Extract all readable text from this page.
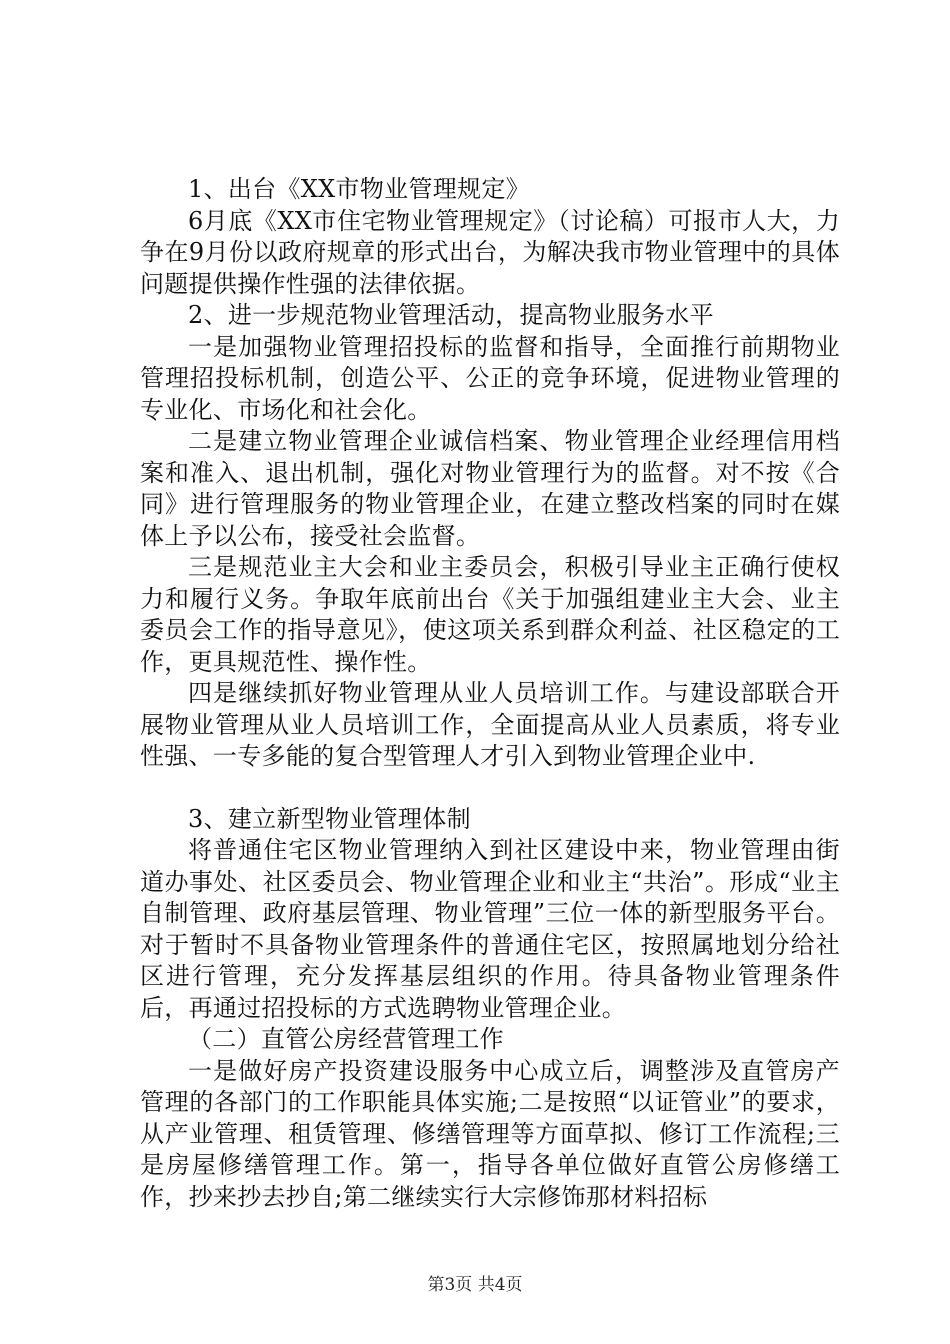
1、出台《XX市物业管理规定》

6月底《XX市住宅物业管理规定》（讨论稿）可报市人大，力争在9月份以政府规章的形式出台，为解决我市物业管理中的具体问题提供操作性强的法律依据。

2、进一步规范物业管理活动，提高物业服务水平

一是加强物业管理招投标的监督和指导，全面推行前期物业管理招投标机制，创造公平、公正的竞争环境，促进物业管理的专业化、市场化和社会化。

二是建立物业管理企业诚信档案、物业管理企业经理信用档案和准入、退出机制，强化对物业管理行为的监督。对不按《合同》进行管理服务的物业管理企业，在建立整改档案的同时在媒体上予以公布，接受社会监督。

三是规范业主大会和业主委员会，积极引导业主正确行使权力和履行义务。争取年底前出台《关于加强组建业主大会、业主委员会工作的指导意见》，使这项关系到群众利益、社区稳定的工作，更具规范性、操作性。

四是继续抓好物业管理从业人员培训工作。与建设部联合开展物业管理从业人员培训工作，全面提高从业人员素质，将专业性强、一专多能的复合型管理人才引入到物业管理企业中.

3、建立新型物业管理体制

将普通住宅区物业管理纳入到社区建设中来，物业管理由街道办事处、社区委员会、物业管理企业和业主“共治”。形成“业主自制管理、政府基层管理、物业管理”三位一体的新型服务平台。对于暂时不具备物业管理条件的普通住宅区，按照属地划分给社区进行管理，充分发挥基层组织的作用。待具备物业管理条件后，再通过招投标的方式选聘物业管理企业。

（二）直管公房经营管理工作

一是做好房产投资建设服务中心成立后，调整涉及直管房产管理的各部门的工作职能具体实施;二是按照“以证管业”的要求，从产业管理、租赁管理、修缮管理等方面草拟、修订工作流程;三是房屋修缮管理工作。第一，指导各单位做好直管公房修缮工作，抄来抄去抄自;第二继续实行大宗修饰那材料招标

第3页 共4页
